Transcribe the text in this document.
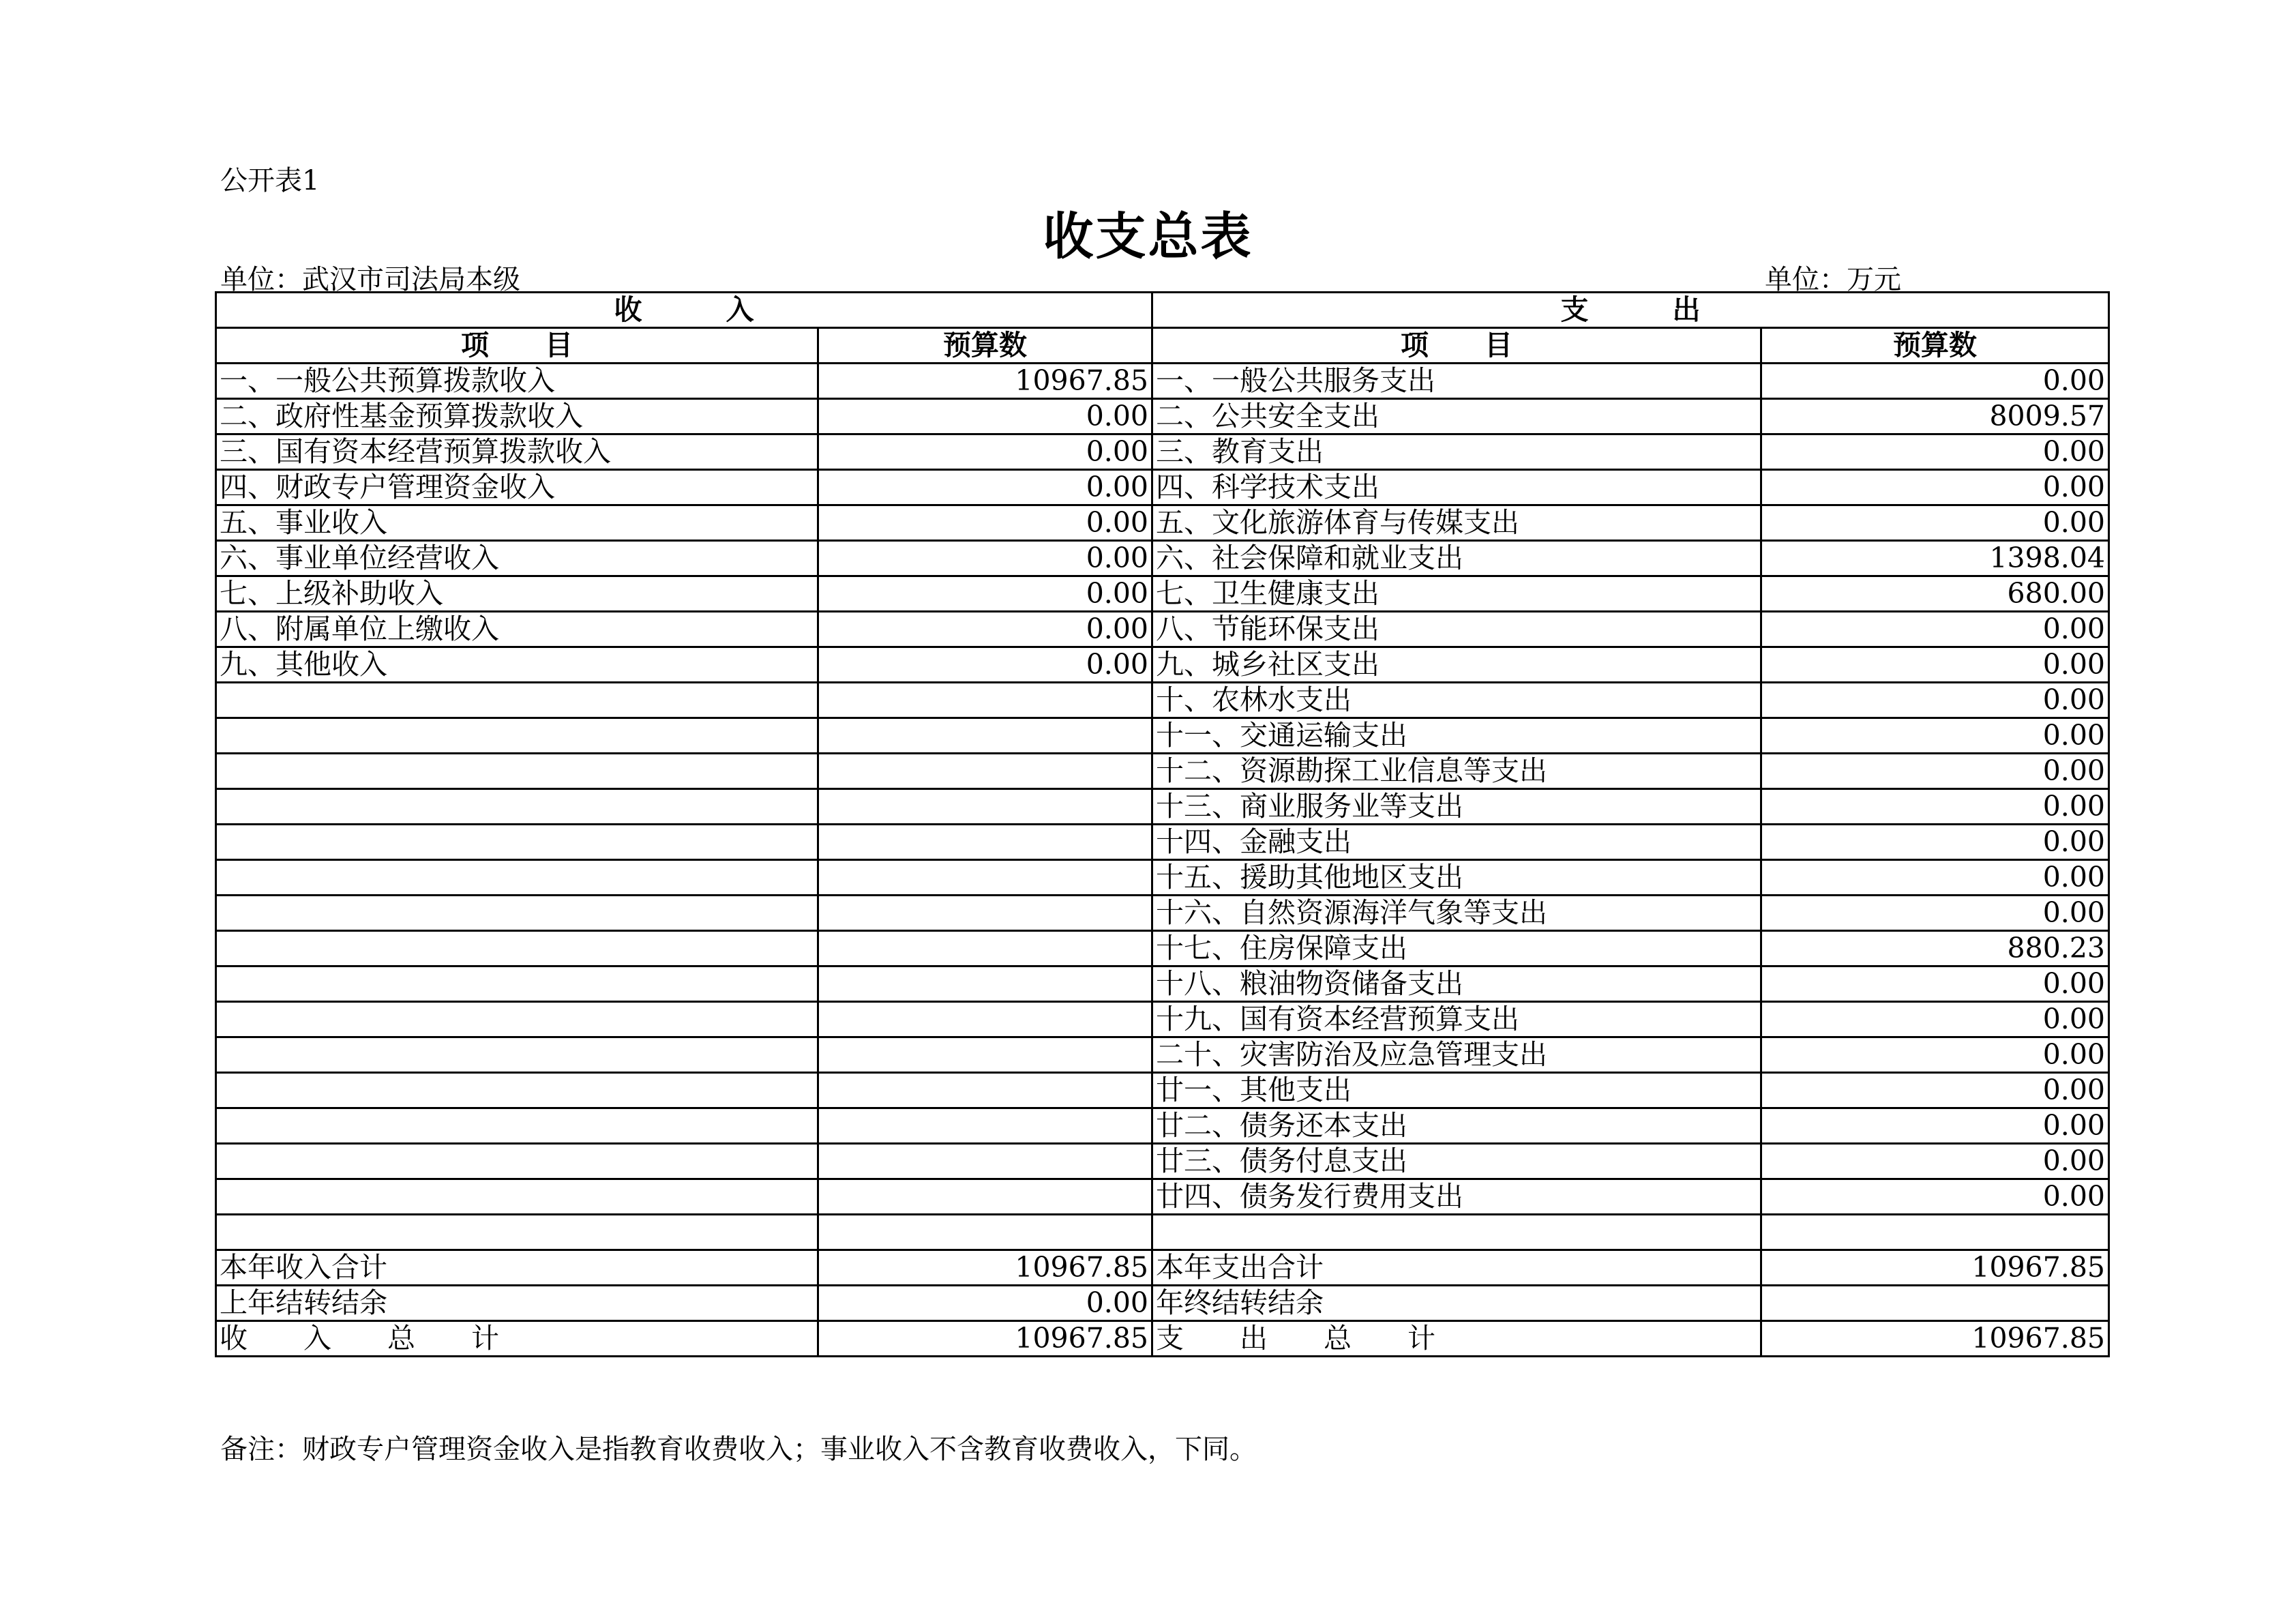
公开表1
收支总表
单位：武汉市司法局本级	单位：万元
收　　　入		支　　　出	
项　　目	预算数	项　　目	预算数
一、一般公共预算拨款收入	10967.85	一、一般公共服务支出	0.00
二、政府性基金预算拨款收入	0.00	二、公共安全支出	8009.57
三、国有资本经营预算拨款收入	0.00	三、教育支出	0.00
四、财政专户管理资金收入	0.00	四、科学技术支出	0.00
五、事业收入	0.00	五、文化旅游体育与传媒支出	0.00
六、事业单位经营收入	0.00	六、社会保障和就业支出	1398.04
七、上级补助收入	0.00	七、卫生健康支出	680.00
八、附属单位上缴收入	0.00	八、节能环保支出	0.00
九、其他收入	0.00	九、城乡社区支出	0.00
		十、农林水支出	0.00
		十一、交通运输支出	0.00
		十二、资源勘探工业信息等支出	0.00
		十三、商业服务业等支出	0.00
		十四、金融支出	0.00
		十五、援助其他地区支出	0.00
		十六、自然资源海洋气象等支出	0.00
		十七、住房保障支出	880.23
		十八、粮油物资储备支出	0.00
		十九、国有资本经营预算支出	0.00
		二十、灾害防治及应急管理支出	0.00
		廿一、其他支出	0.00
		廿二、债务还本支出	0.00
		廿三、债务付息支出	0.00
		廿四、债务发行费用支出	0.00

本年收入合计	10967.85	本年支出合计	10967.85
上年结转结余	0.00	年终结转结余	
收　　入　　总　　计	10967.85	支　　出　　总　　计	10967.85
备注：财政专户管理资金收入是指教育收费收入；事业收入不含教育收费收入，下同。
